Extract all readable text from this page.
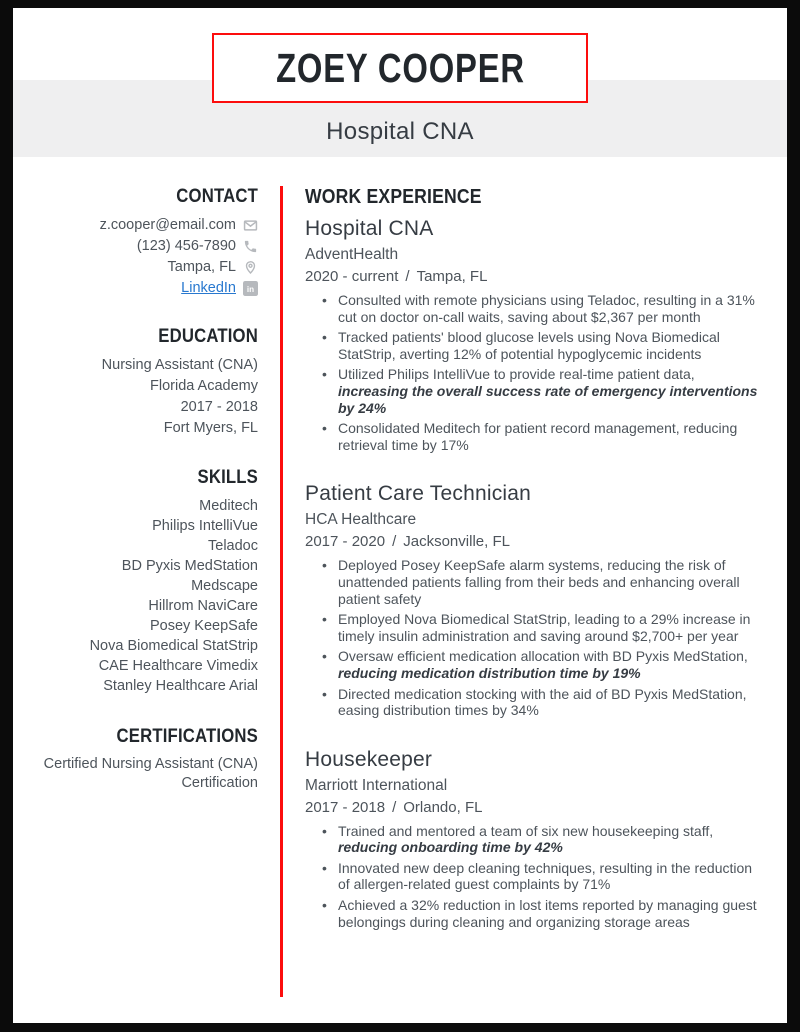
Hospital CNA
ZOEY COOPER
CONTACT
z.cooper@email.com
(123) 456-7890
Tampa, FL
LinkedIn in
EDUCATION
Nursing Assistant (CNA)
Florida Academy
2017 - 2018
Fort Myers, FL
SKILLS
Meditech
Philips IntelliVue
Teladoc
BD Pyxis MedStation
Medscape
Hillrom NaviCare
Posey KeepSafe
Nova Biomedical StatStrip
CAE Healthcare Vimedix
Stanley Healthcare Arial
CERTIFICATIONS
Certified Nursing Assistant (CNA) Certification
WORK EXPERIENCE
Hospital CNA
AdventHealth
2020 - current / Tampa, FL
• Consulted with remote physicians using Teladoc, resulting in a 31% cut on doctor on-call waits, saving about $2,367 per month
• Tracked patients' blood glucose levels using Nova Biomedical StatStrip, averting 12% of potential hypoglycemic incidents
• Utilized Philips IntelliVue to provide real-time patient data, increasing the overall success rate of emergency interventions by 24%
• Consolidated Meditech for patient record management, reducing retrieval time by 17%
Patient Care Technician
HCA Healthcare
2017 - 2020 / Jacksonville, FL
• Deployed Posey KeepSafe alarm systems, reducing the risk of unattended patients falling from their beds and enhancing overall patient safety
• Employed Nova Biomedical StatStrip, leading to a 29% increase in timely insulin administration and saving around $2,700+ per year
• Oversaw efficient medication allocation with BD Pyxis MedStation, reducing medication distribution time by 19%
• Directed medication stocking with the aid of BD Pyxis MedStation, easing distribution times by 34%
Housekeeper
Marriott International
2017 - 2018 / Orlando, FL
• Trained and mentored a team of six new housekeeping staff, reducing onboarding time by 42%
• Innovated new deep cleaning techniques, resulting in the reduction of allergen-related guest complaints by 71%
• Achieved a 32% reduction in lost items reported by managing guest belongings during cleaning and organizing storage areas
